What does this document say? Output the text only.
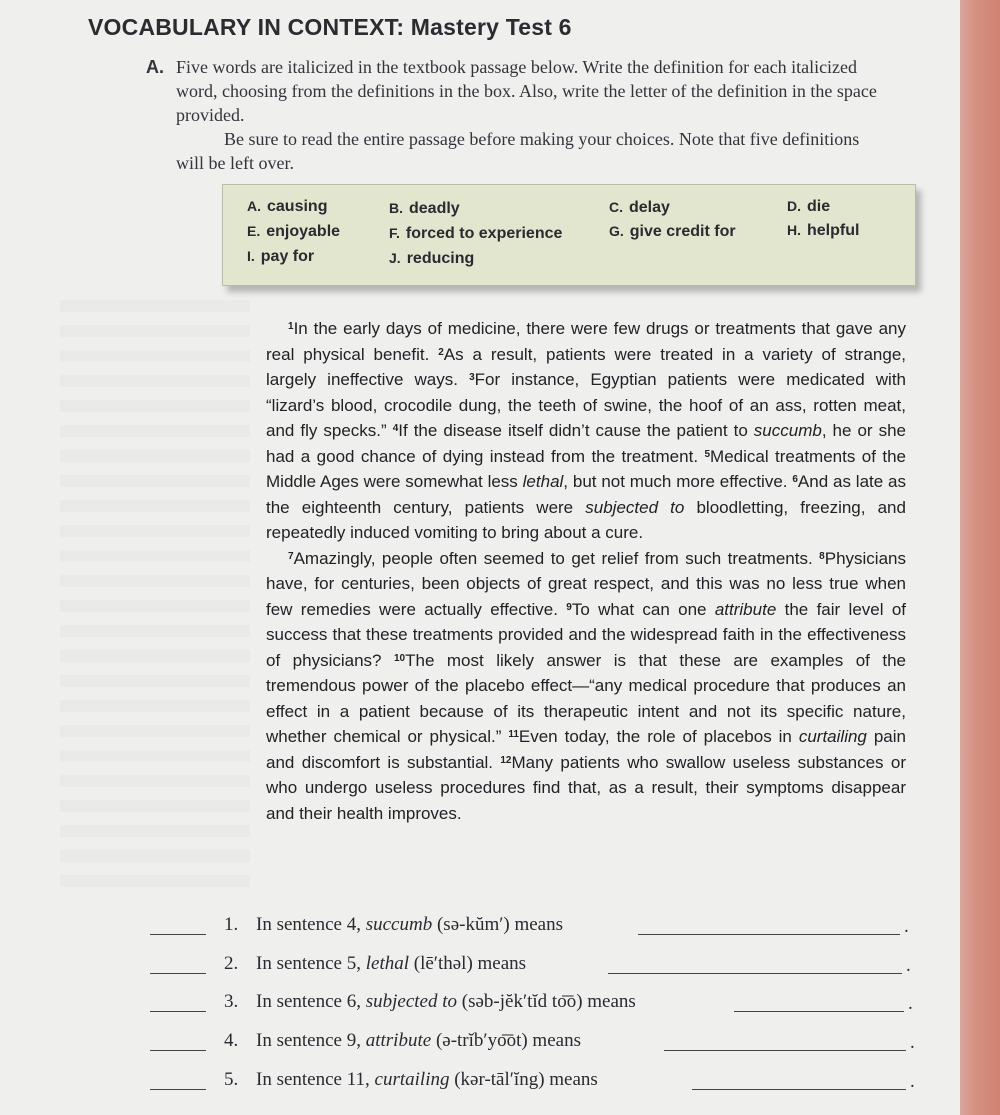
VOCABULARY IN CONTEXT: Mastery Test 6
A. Five words are italicized in the textbook passage below. Write the definition for each italicized word, choosing from the definitions in the box. Also, write the letter of the definition in the space provided.

Be sure to read the entire passage before making your choices. Note that five definitions will be left over.

A. causing	B. deadly	C. delay	D. die
E. enjoyable	F. forced to experience	G. give credit for	H. helpful
I. pay for	J. reducing

$^1$In the early days of medicine, there were few drugs or treatments that gave any real physical benefit. $^2$As a result, patients were treated in a variety of strange, largely ineffective ways. $^3$For instance, Egyptian patients were medicated with “lizard’s blood, crocodile dung, the teeth of swine, the hoof of an ass, rotten meat, and fly specks.” $^4$If the disease itself didn’t cause the patient to succumb, he or she had a good chance of dying instead from the treatment. $^5$Medical treatments of the Middle Ages were somewhat less lethal, but not much more effective. $^6$And as late as the eighteenth century, patients were subjected to bloodletting, freezing, and repeatedly induced vomiting to bring about a cure.

$^7$Amazingly, people often seemed to get relief from such treatments. $^8$Physicians have, for centuries, been objects of great respect, and this was no less true when few remedies were actually effective. $^9$To what can one attribute the fair level of success that these treatments provided and the widespread faith in the effectiveness of physicians? $^{10}$The most likely answer is that these are examples of the tremendous power of the placebo effect—“any medical procedure that produces an effect in a patient because of its therapeutic intent and not its specific nature, whether chemical or physical.” $^{11}$Even today, the role of placebos in curtailing pain and discomfort is substantial. $^{12}$Many patients who swallow useless substances or who undergo useless procedures find that, as a result, their symptoms disappear and their health improves.

1. In sentence 4, succumb (sə-kŭm′) means	.
2. In sentence 5, lethal (lē′thəl) means	.
3. In sentence 6, subjected to (səb-jĕk′tĭd to͞o) means	.
4. In sentence 9, attribute (ə-trĭb′yo͞ot) means	.
5. In sentence 11, curtailing (kər-tāl′ĭng) means	.
